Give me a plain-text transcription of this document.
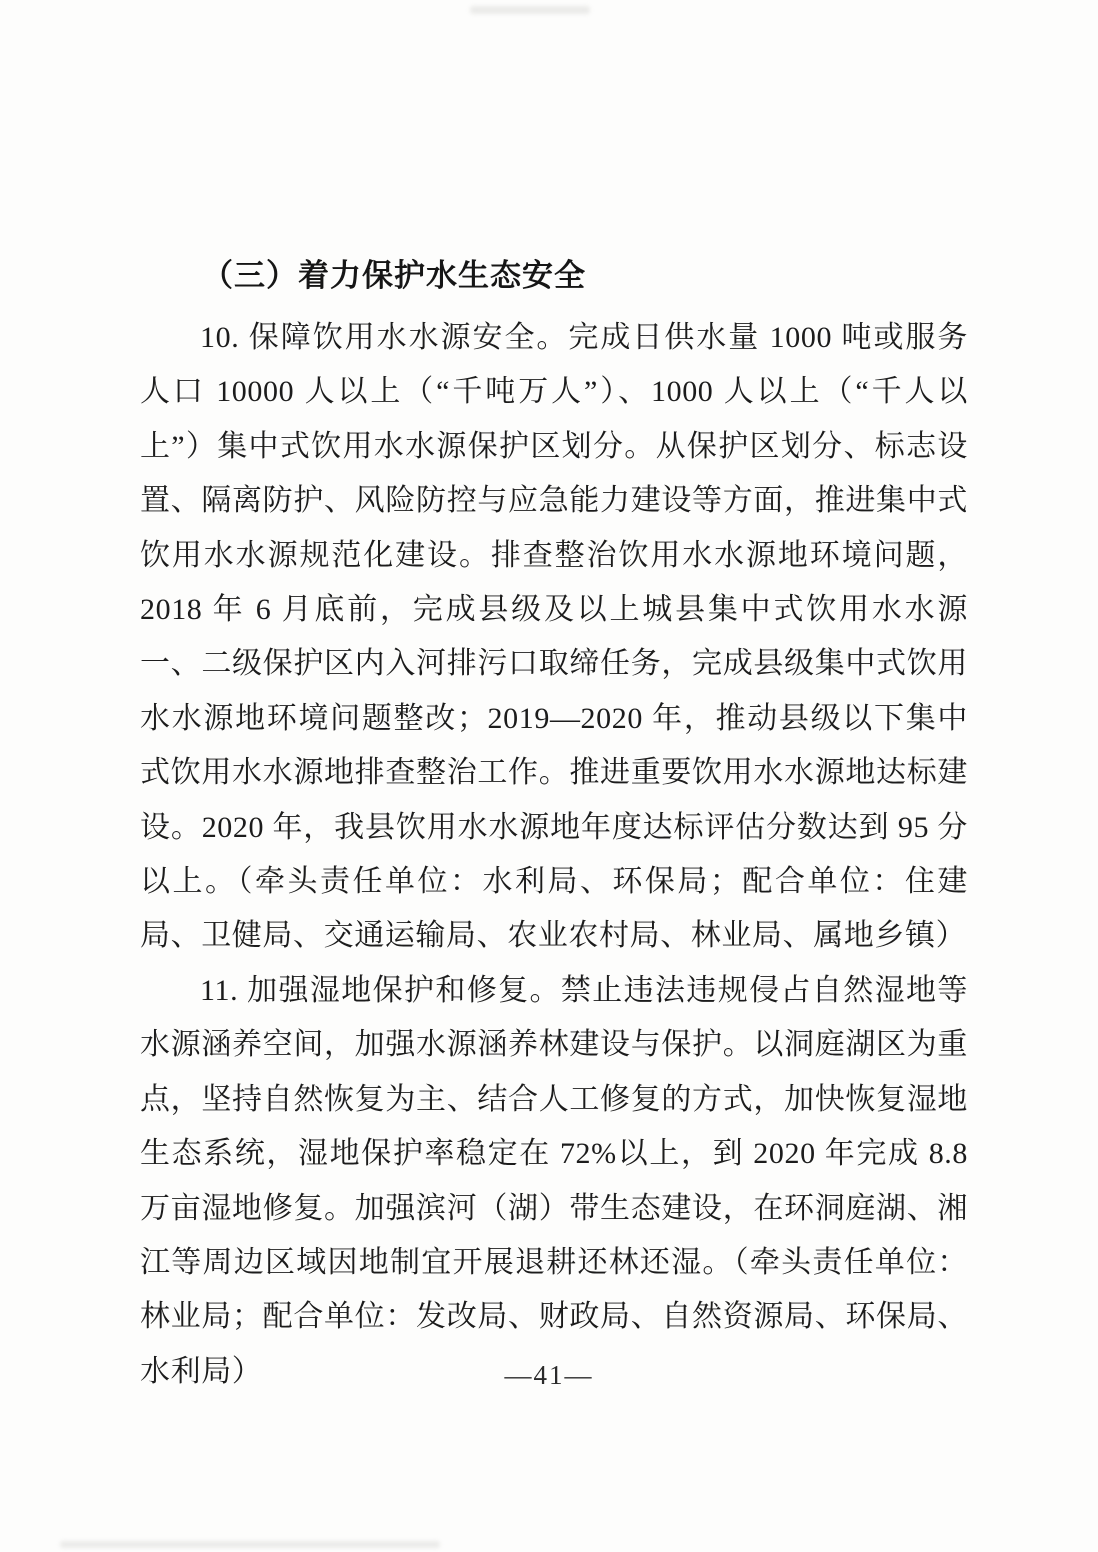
（三）着力保护水生态安全

10. 保障饮用水水源安全。完成日供水量 1000 吨或服务人口 10000 人以上（“千吨万人”）、1000 人以上（“千人以上”）集中式饮用水水源保护区划分。从保护区划分、标志设置、隔离防护、风险防控与应急能力建设等方面，推进集中式饮用水水源规范化建设。排查整治饮用水水源地环境问题，2018 年 6 月底前，完成县级及以上城县集中式饮用水水源一、二级保护区内入河排污口取缔任务，完成县级集中式饮用水水源地环境问题整改；2019—2020 年，推动县级以下集中式饮用水水源地排查整治工作。推进重要饮用水水源地达标建设。2020 年，我县饮用水水源地年度达标评估分数达到 95 分以上。（牵头责任单位：水利局、环保局；配合单位：住建局、卫健局、交通运输局、农业农村局、林业局、属地乡镇）

11. 加强湿地保护和修复。禁止违法违规侵占自然湿地等水源涵养空间，加强水源涵养林建设与保护。以洞庭湖区为重点，坚持自然恢复为主、结合人工修复的方式，加快恢复湿地生态系统，湿地保护率稳定在 72%以上，到 2020 年完成 8.8 万亩湿地修复。加强滨河（湖）带生态建设，在环洞庭湖、湘江等周边区域因地制宜开展退耕还林还湿。（牵头责任单位：林业局；配合单位：发改局、财政局、自然资源局、环保局、水利局）	—41—
